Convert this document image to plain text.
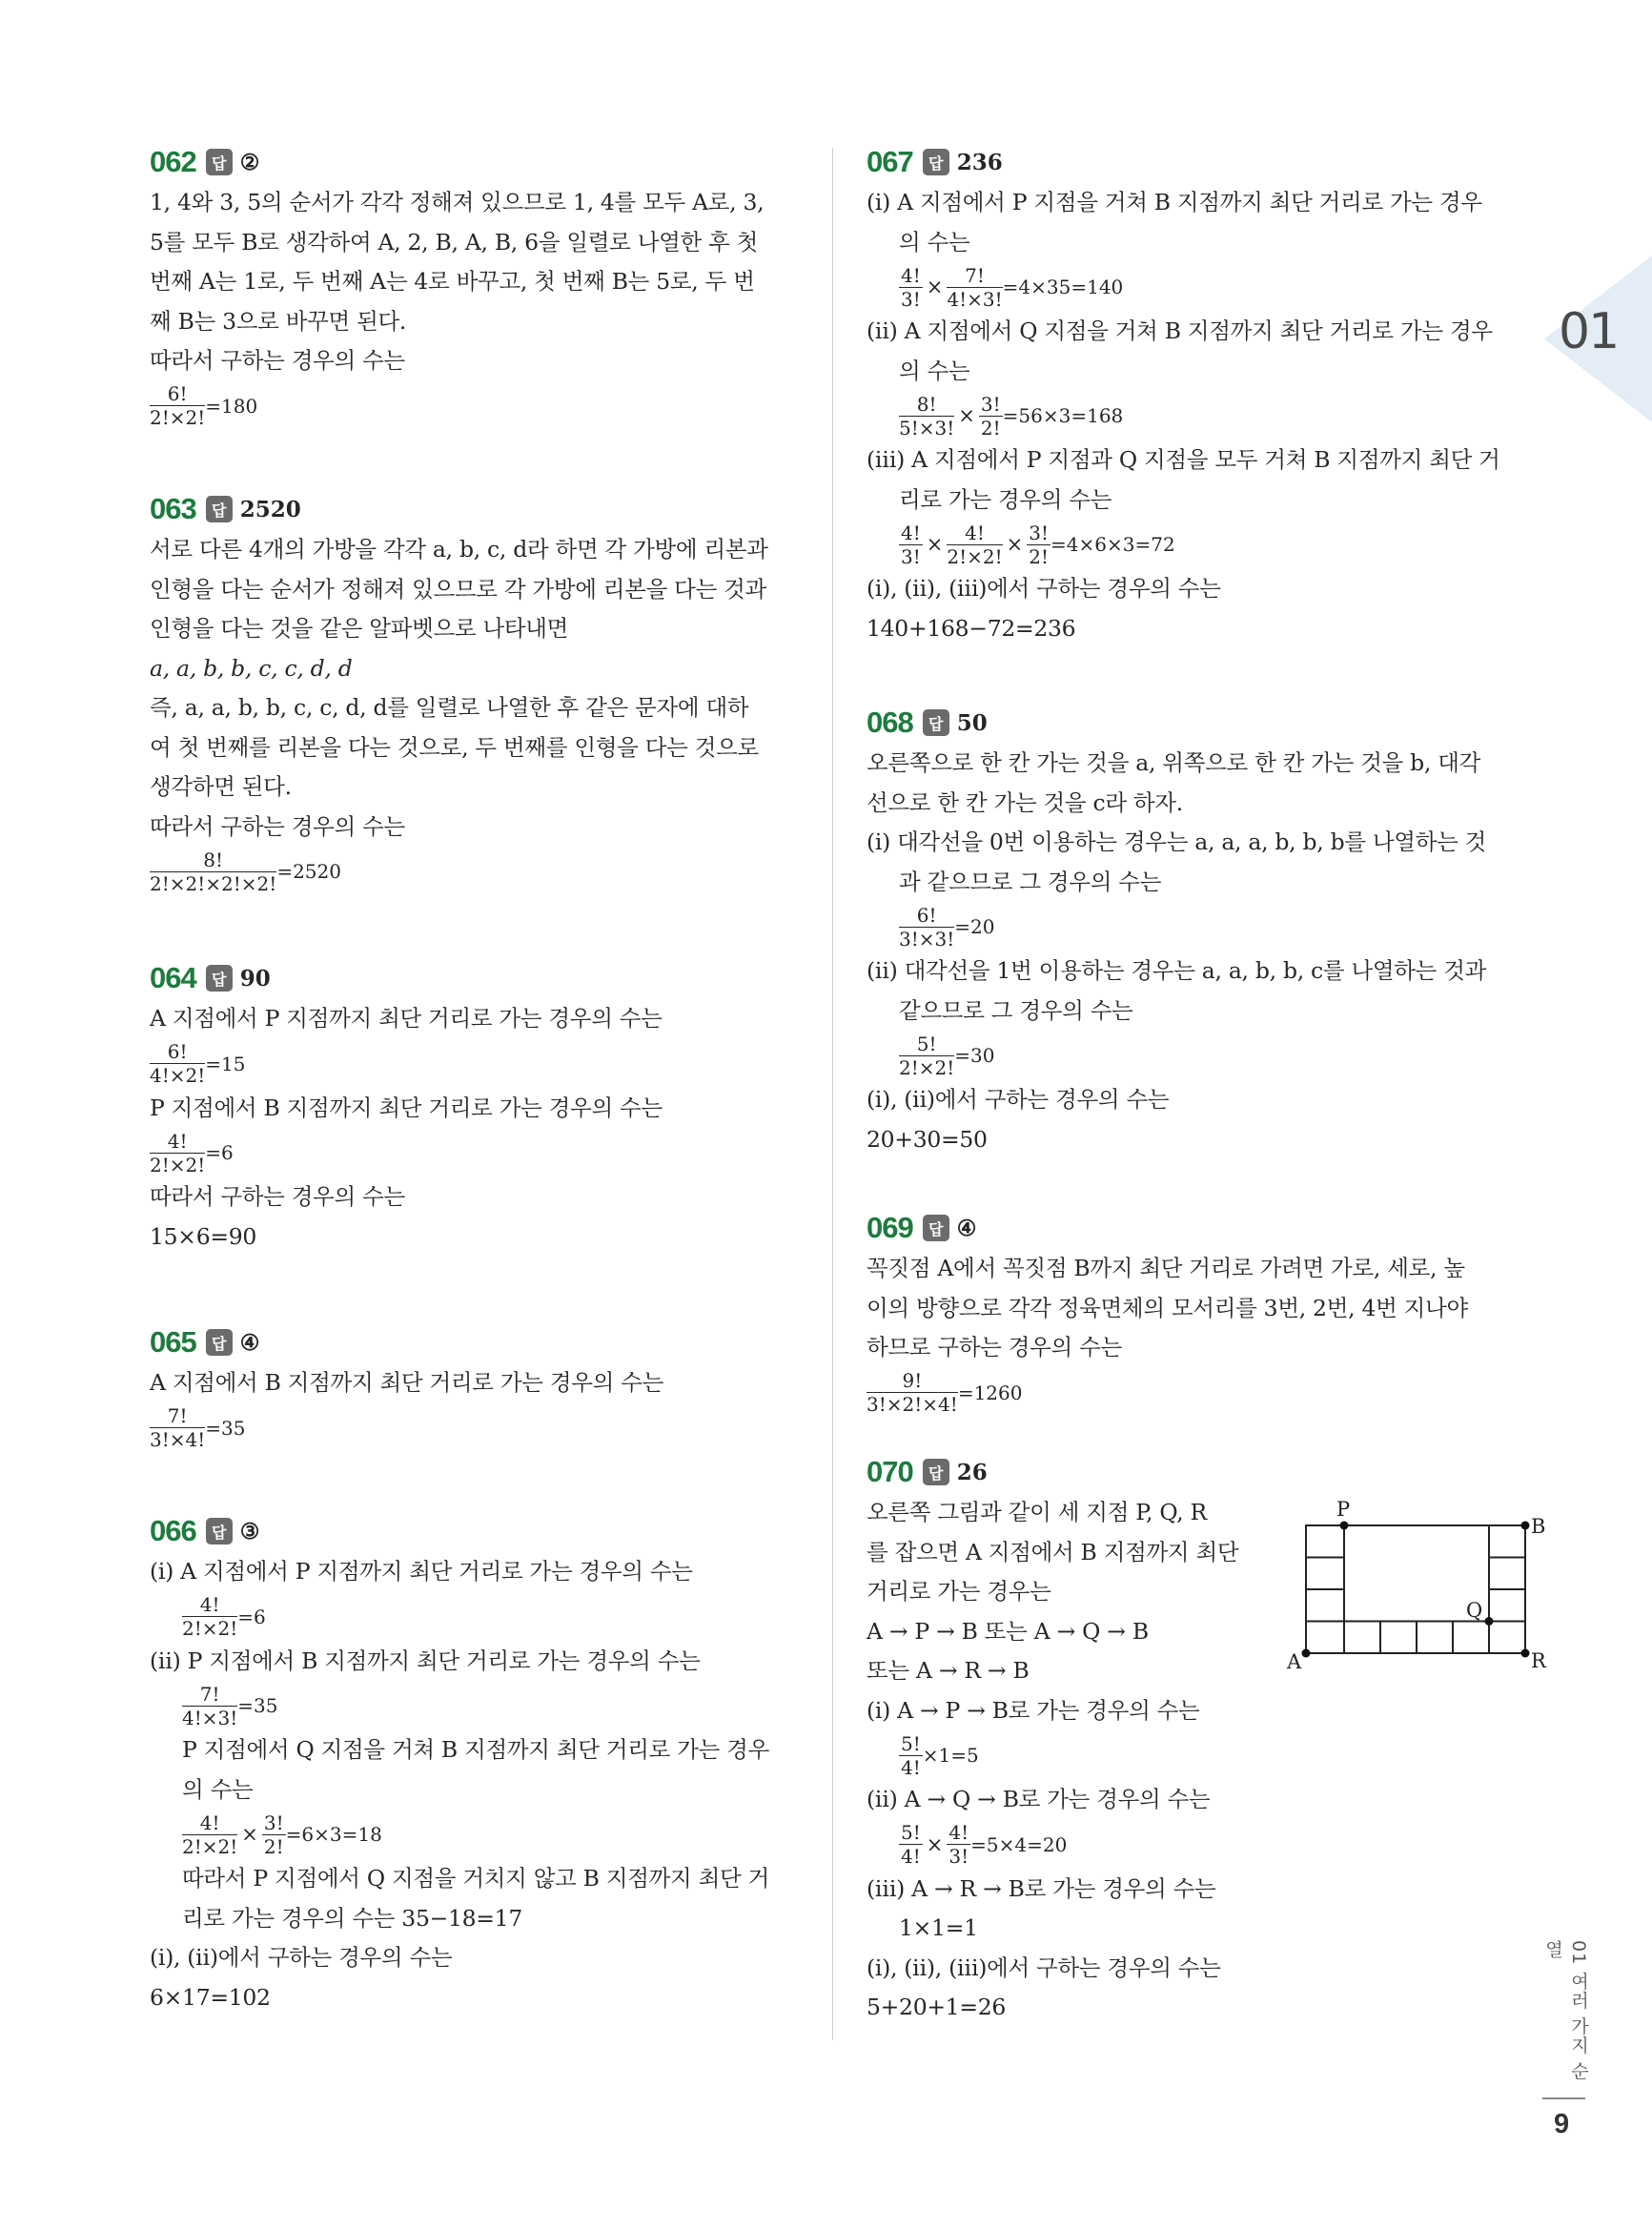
01
062	답 ②
1, 4와 3, 5의 순서가 각각 정해져 있으므로 1, 4를 모두 A로, 3,
5를 모두 B로 생각하여 A, 2, B, A, B, 6을 일렬로 나열한 후 첫
번째 A는 1로, 두 번째 A는 4로 바꾸고, 첫 번째 B는 5로, 두 번
째 B는 3으로 바꾸면 된다.
따라서 구하는 경우의 수는
$\frac{6!}{2!\times 2!} =180$
063	답 2520
서로 다른 4개의 가방을 각각 a, b, c, d라 하면 각 가방에 리본과
인형을 다는 순서가 정해져 있으므로 각 가방에 리본을 다는 것과
인형을 다는 것을 같은 알파벳으로 나타내면
a, a, b, b, c, c, d, d
즉, a, a, b, b, c, c, d, d를 일렬로 나열한 후 같은 문자에 대하
여 첫 번째를 리본을 다는 것으로, 두 번째를 인형을 다는 것으로
생각하면 된다.
따라서 구하는 경우의 수는
$\frac{8!}{2!\times 2!\times 2!\times 2!} =2520$
064	답 90
A 지점에서 P 지점까지 최단 거리로 가는 경우의 수는
$\frac{6!}{4!\times 2!} =15$
P 지점에서 B 지점까지 최단 거리로 가는 경우의 수는
$\frac{4!}{2!\times 2!} =6$
따라서 구하는 경우의 수는
15×6=90
065	답 ④
A 지점에서 B 지점까지 최단 거리로 가는 경우의 수는
$\frac{7!}{3!\times 4!} =35$
066	답 ③
(ⅰ) A 지점에서 P 지점까지 최단 거리로 가는 경우의 수는
$\frac{4!}{2!\times 2!} =6$
(ⅱ) P 지점에서 B 지점까지 최단 거리로 가는 경우의 수는
$\frac{7!}{4!\times 3!} =35$
P 지점에서 Q 지점을 거쳐 B 지점까지 최단 거리로 가는 경우
의 수는
$\frac{4!}{2!\times 2!} \times \frac{3!}{2!} =6\times 3=18$
따라서 P 지점에서 Q 지점을 거치지 않고 B 지점까지 최단 거
리로 가는 경우의 수는 35−18=17
(ⅰ), (ⅱ)에서 구하는 경우의 수는
6×17=102
067	답 236
(ⅰ) A 지점에서 P 지점을 거쳐 B 지점까지 최단 거리로 가는 경우
의 수는
$\frac{4!}{3!} \times \frac{7!}{4!\times 3!} =4\times 35=140$
(ⅱ) A 지점에서 Q 지점을 거쳐 B 지점까지 최단 거리로 가는 경우
의 수는
$\frac{8!}{5!\times 3!} \times \frac{3!}{2!} =56\times 3=168$
(ⅲ) A 지점에서 P 지점과 Q 지점을 모두 거쳐 B 지점까지 최단 거
리로 가는 경우의 수는
$\frac{4!}{3!} \times \frac{4!}{2!\times 2!} \times \frac{3!}{2!} =4\times 6\times 3=72$
(ⅰ), (ⅱ), (ⅲ)에서 구하는 경우의 수는
140+168−72=236
068	답 50
오른쪽으로 한 칸 가는 것을 a, 위쪽으로 한 칸 가는 것을 b, 대각
선으로 한 칸 가는 것을 c라 하자.
(ⅰ) 대각선을 0번 이용하는 경우는 a, a, a, b, b, b를 나열하는 것
과 같으므로 그 경우의 수는
$\frac{6!}{3!\times 3!} =20$
(ⅱ) 대각선을 1번 이용하는 경우는 a, a, b, b, c를 나열하는 것과
같으므로 그 경우의 수는
$\frac{5!}{2!\times 2!} =30$
(ⅰ), (ⅱ)에서 구하는 경우의 수는
20+30=50
069	답 ④
꼭짓점 A에서 꼭짓점 B까지 최단 거리로 가려면 가로, 세로, 높
이의 방향으로 각각 정육면체의 모서리를 3번, 2번, 4번 지나야
하므로 구하는 경우의 수는
$\frac{9!}{3!\times 2!\times 4!} =1260$
070	답 26
오른쪽 그림과 같이 세 지점 P, Q, R
를 잡으면 A 지점에서 B 지점까지 최단
거리로 가는 경우는
A → P → B 또는 A → Q → B
또는 A → R → B
(ⅰ) A → P → B로 가는 경우의 수는
$\frac{5!}{4!} \times 1=5$
(ⅱ) A → Q → B로 가는 경우의 수는
$\frac{5!}{4!} \times \frac{4!}{3!} =5\times 4=20$
(ⅲ) A → R → B로 가는 경우의 수는
1×1=1
(ⅰ), (ⅱ), (ⅲ)에서 구하는 경우의 수는
5+20+1=26
P
B
Q
A	R
01 여러 가지 순열
9
